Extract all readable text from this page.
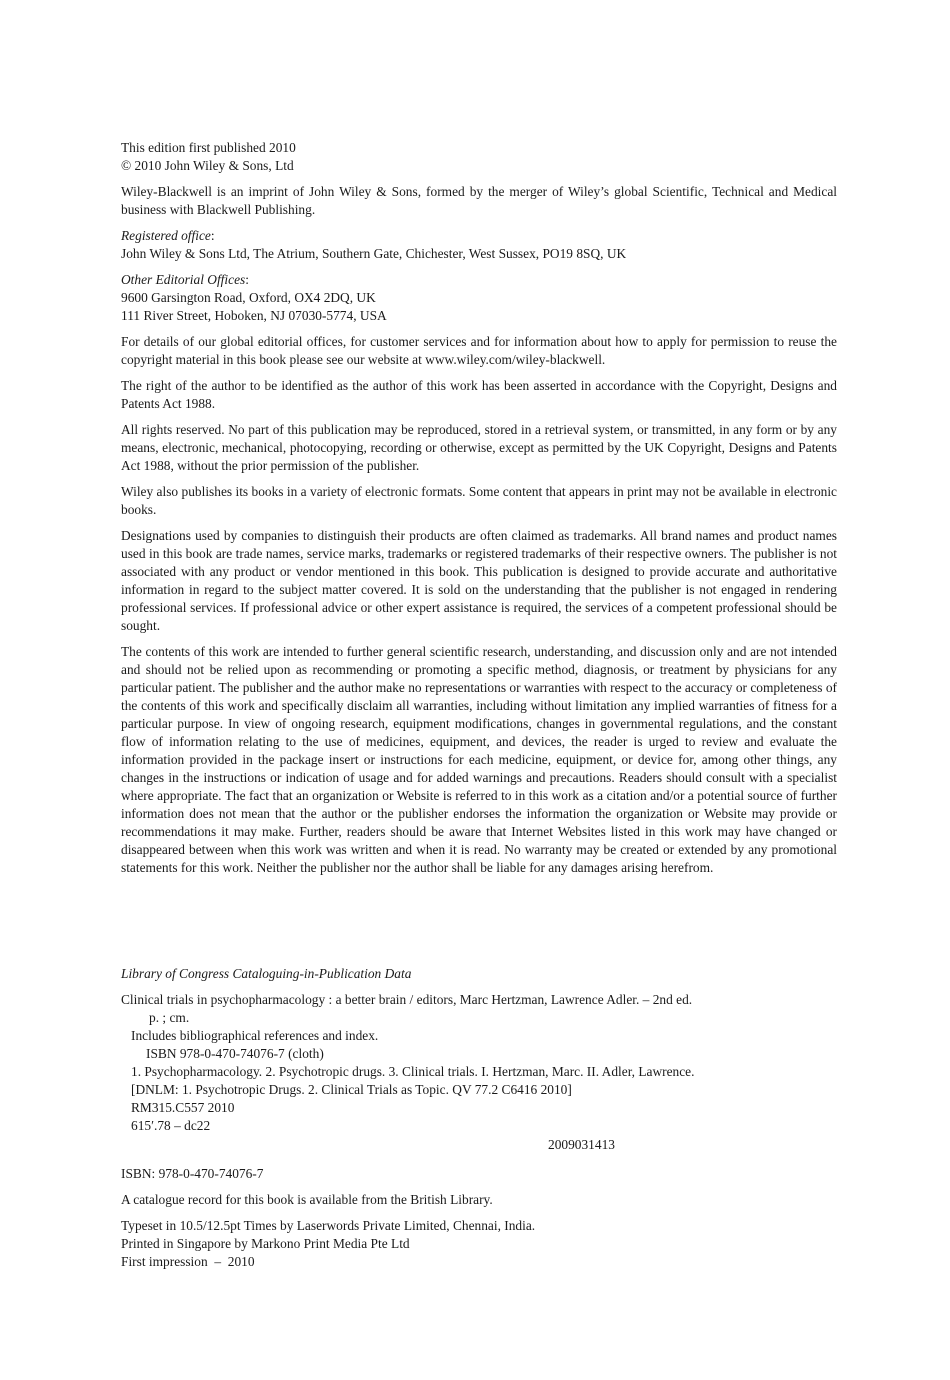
This edition first published 2010
© 2010 John Wiley & Sons, Ltd

Wiley-Blackwell is an imprint of John Wiley & Sons, formed by the merger of Wiley’s global Scientific, Technical and Medical business with Blackwell Publishing.

Registered office:
John Wiley & Sons Ltd, The Atrium, Southern Gate, Chichester, West Sussex, PO19 8SQ, UK

Other Editorial Offices:
9600 Garsington Road, Oxford, OX4 2DQ, UK
111 River Street, Hoboken, NJ 07030-5774, USA

For details of our global editorial offices, for customer services and for information about how to apply for permission to reuse the copyright material in this book please see our website at www.wiley.com/wiley-blackwell.

The right of the author to be identified as the author of this work has been asserted in accordance with the Copyright, Designs and Patents Act 1988.

All rights reserved. No part of this publication may be reproduced, stored in a retrieval system, or transmitted, in any form or by any means, electronic, mechanical, photocopying, recording or otherwise, except as permitted by the UK Copyright, Designs and Patents Act 1988, without the prior permission of the publisher.

Wiley also publishes its books in a variety of electronic formats. Some content that appears in print may not be available in electronic books.

Designations used by companies to distinguish their products are often claimed as trademarks. All brand names and product names used in this book are trade names, service marks, trademarks or registered trademarks of their respective owners. The publisher is not associated with any product or vendor mentioned in this book. This publication is designed to provide accurate and authoritative information in regard to the subject matter covered. It is sold on the understanding that the publisher is not engaged in rendering professional services. If professional advice or other expert assistance is required, the services of a competent professional should be sought.

The contents of this work are intended to further general scientific research, understanding, and discussion only and are not intended and should not be relied upon as recommending or promoting a specific method, diagnosis, or treatment by physicians for any particular patient. The publisher and the author make no representations or warranties with respect to the accuracy or completeness of the contents of this work and specifically disclaim all warranties, including without limitation any implied warranties of fitness for a particular purpose. In view of ongoing research, equipment modifications, changes in governmental regulations, and the constant flow of information relating to the use of medicines, equipment, and devices, the reader is urged to review and evaluate the information provided in the package insert or instructions for each medicine, equipment, or device for, among other things, any changes in the instructions or indication of usage and for added warnings and precautions. Readers should consult with a specialist where appropriate. The fact that an organization or Website is referred to in this work as a citation and/or a potential source of further information does not mean that the author or the publisher endorses the information the organization or Website may provide or recommendations it may make. Further, readers should be aware that Internet Websites listed in this work may have changed or disappeared between when this work was written and when it is read. No warranty may be created or extended by any promotional statements for this work. Neither the publisher nor the author shall be liable for any damages arising herefrom.

Library of Congress Cataloguing-in-Publication Data

Clinical trials in psychopharmacology : a better brain / editors, Marc Hertzman, Lawrence Adler. – 2nd ed.
p. ; cm.
Includes bibliographical references and index.
ISBN 978-0-470-74076-7 (cloth)
1. Psychopharmacology. 2. Psychotropic drugs. 3. Clinical trials. I. Hertzman, Marc. II. Adler, Lawrence.
[DNLM: 1. Psychotropic Drugs. 2. Clinical Trials as Topic. QV 77.2 C6416 2010]
RM315.C557 2010
615′.78 – dc22
2009031413

ISBN: 978-0-470-74076-7

A catalogue record for this book is available from the British Library.

Typeset in 10.5/12.5pt Times by Laserwords Private Limited, Chennai, India.
Printed in Singapore by Markono Print Media Pte Ltd
First impression  –  2010
